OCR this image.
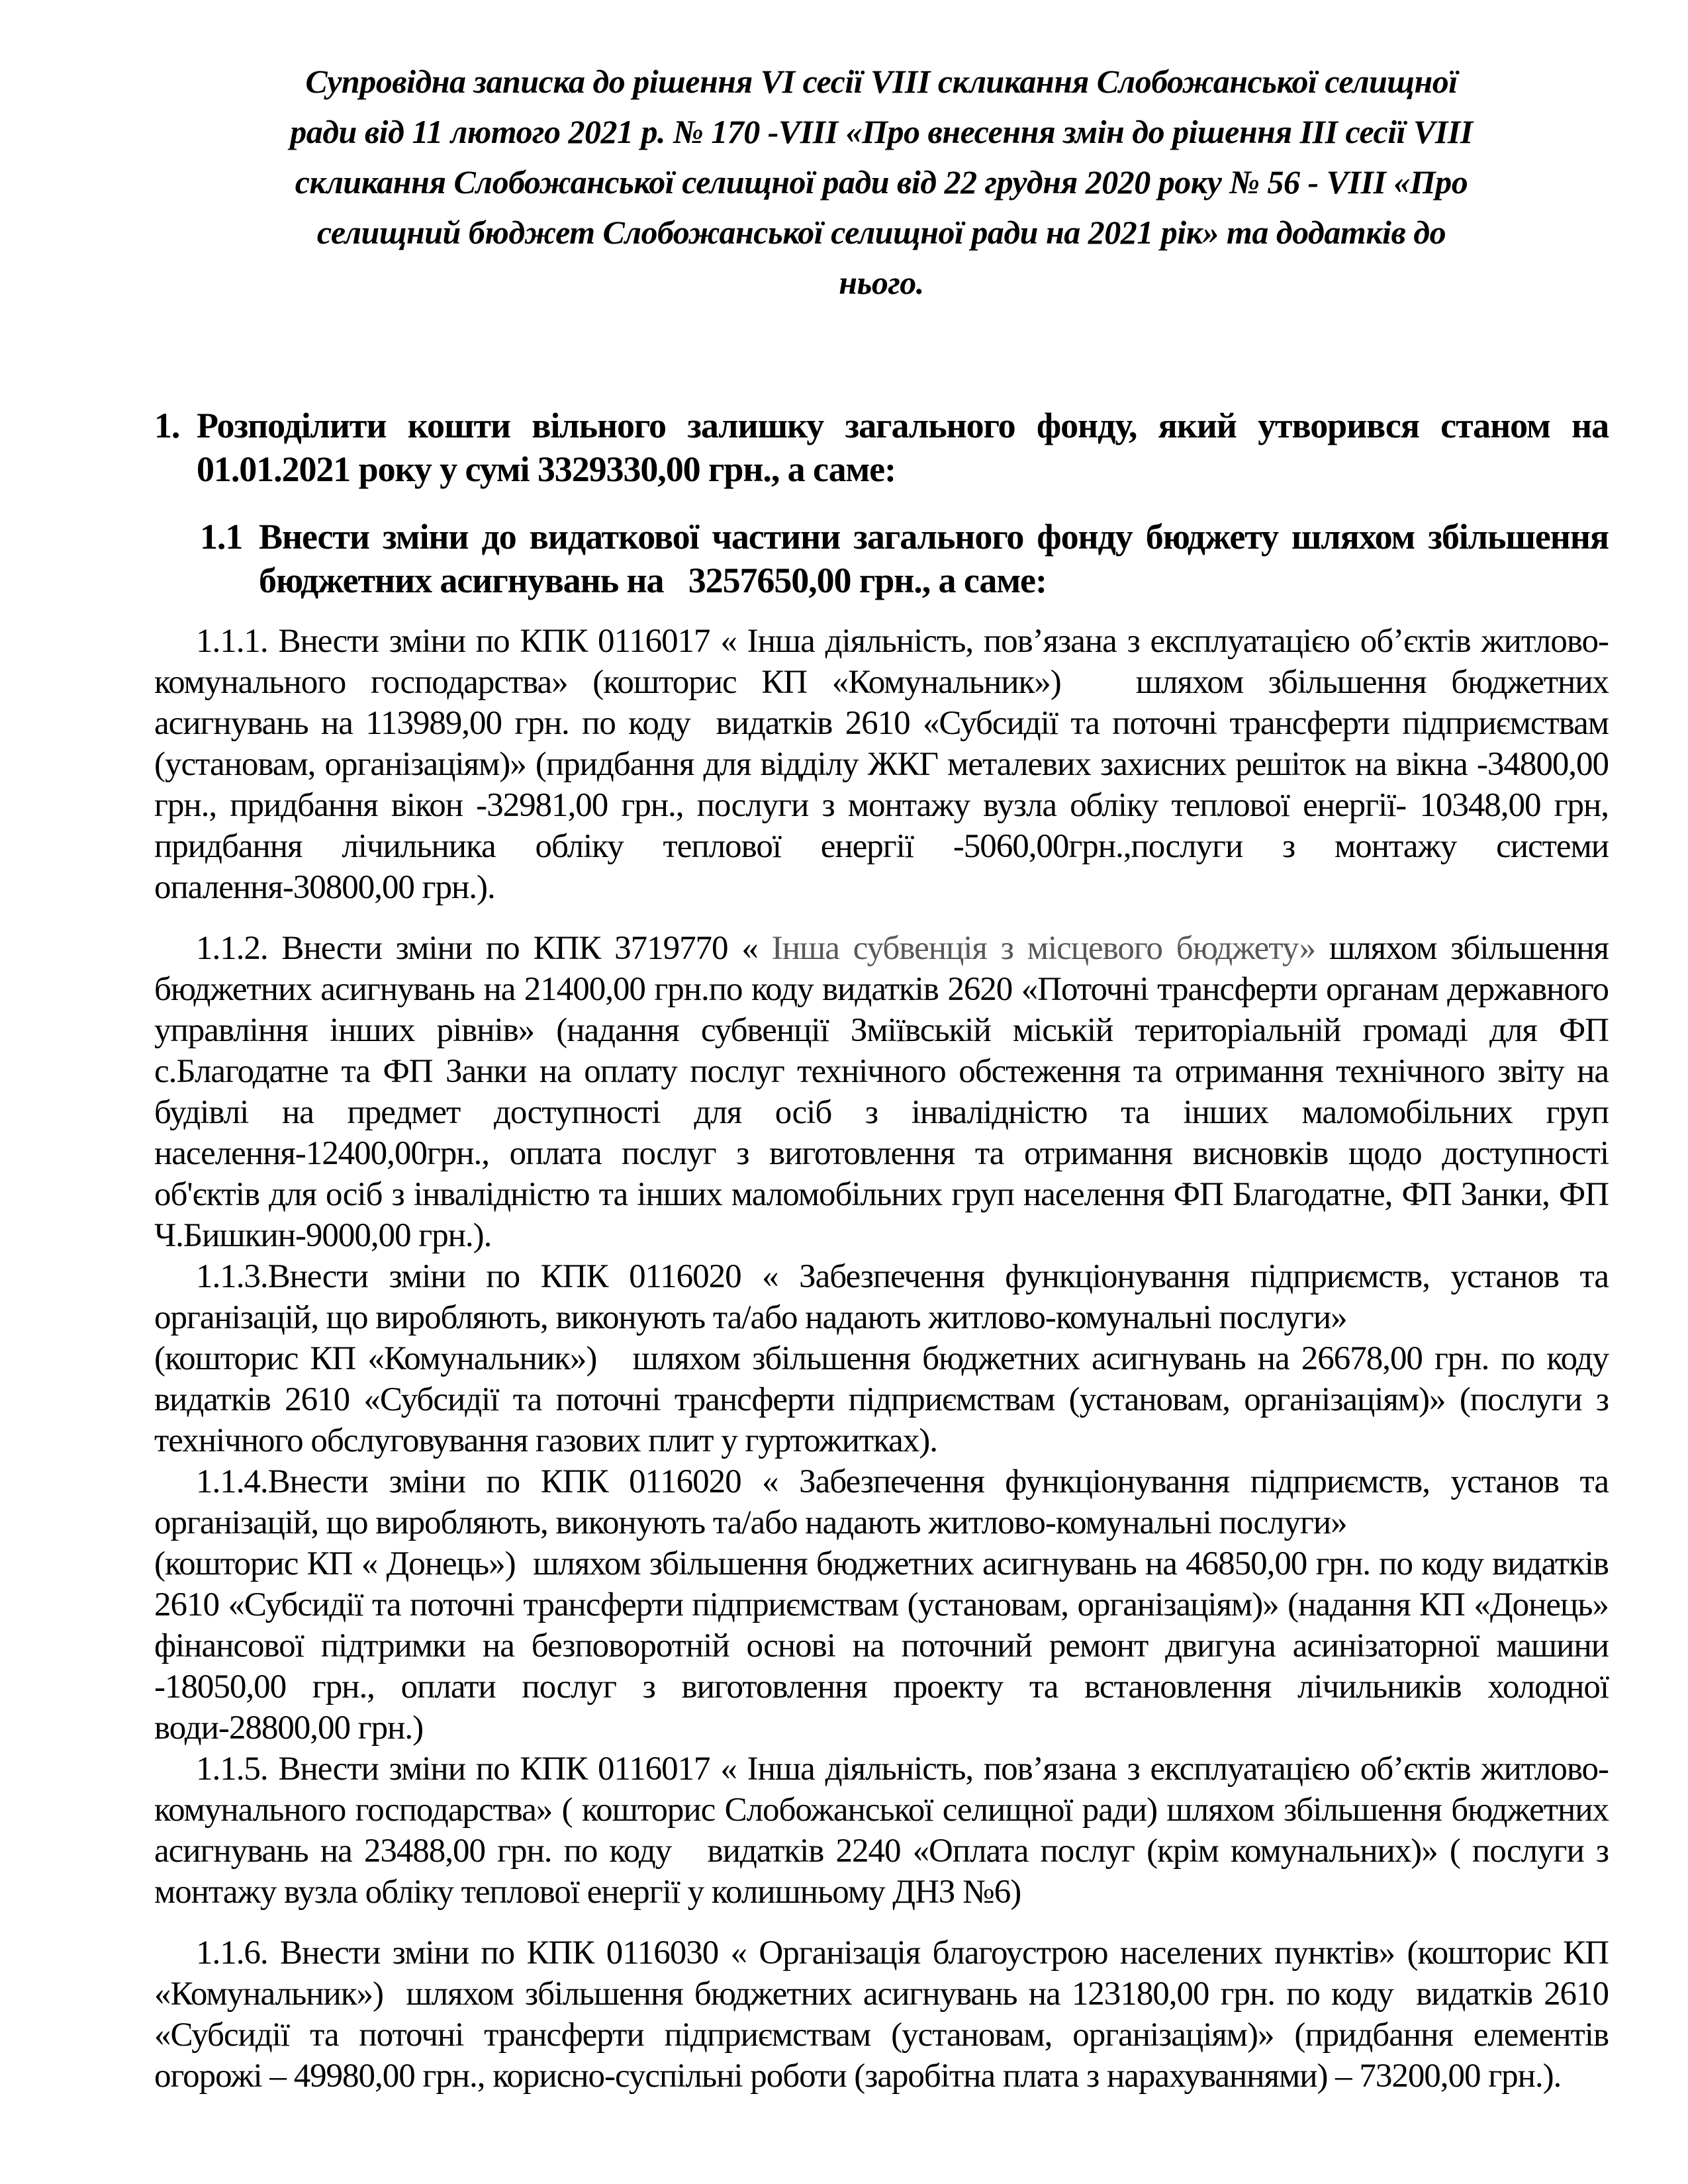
Супровідна записка до рішення VI сесії VIII скликання Слобожанської селищної
ради від 11 лютого 2021 р. № 170 -VIII «Про внесення змін до рішення III сесії VIII
скликання Слобожанської селищної ради від 22 грудня 2020 року № 56 - VIII «Про
селищний бюджет Слобожанської селищної ради на 2021 рік» та додатків до
нього.
1. Розподілити кошти вільного залишку загального фонду, який утворився станом на 01.01.2021 року у сумі 3329330,00 грн., а саме:
1.1 Внести зміни до видаткової частини загального фонду бюджету шляхом збільшення бюджетних асигнувань на   3257650,00 грн., а саме:

1.1.1. Внести зміни по КПК 0116017 « Інша діяльність, пов’язана з експлуатацією об’єктів житлово-комунального господарства» (кошторис КП «Комунальник»)   шляхом збільшення бюджетних асигнувань на 113989,00 грн. по коду  видатків 2610 «Субсидії та поточні трансферти підприємствам (установам, організаціям)» (придбання для відділу ЖКГ металевих захисних решіток на вікна -34800,00 грн., придбання вікон -32981,00 грн., послуги з монтажу вузла обліку теплової енергії- 10348,00 грн, придбання лічильника обліку теплової енергії -5060,00грн.,послуги з монтажу системи опалення-30800,00 грн.).

1.1.2. Внести зміни по КПК 3719770 « Інша субвенція з місцевого бюджету» шляхом збільшення бюджетних асигнувань на 21400,00 грн.по коду видатків 2620 «Поточні трансферти органам державного управління інших рівнів» (надання субвенції Зміївській міській територіальній громаді для ФП с.Благодатне та ФП Занки на оплату послуг технічного обстеження та отримання технічного звіту на будівлі на предмет доступності для осіб з інвалідністю та інших маломобільних груп населення-12400,00грн., оплата послуг з виготовлення та отримання висновків щодо доступності об'єктів для осіб з інвалідністю та інших маломобільних груп населення ФП Благодатне, ФП Занки, ФП Ч.Бишкин-9000,00 грн.).

1.1.3.Внести зміни по КПК 0116020 « Забезпечення функціонування підприємств, установ та організацій, що виробляють, виконують та/або надають житлово-комунальні послуги»
(кошторис КП «Комунальник»)   шляхом збільшення бюджетних асигнувань на 26678,00 грн. по коду видатків 2610 «Субсидії та поточні трансферти підприємствам (установам, організаціям)» (послуги з технічного обслуговування газових плит у гуртожитках).

1.1.4.Внести зміни по КПК 0116020 « Забезпечення функціонування підприємств, установ та організацій, що виробляють, виконують та/або надають житлово-комунальні послуги»
(кошторис КП « Донець»)  шляхом збільшення бюджетних асигнувань на 46850,00 грн. по коду видатків 2610 «Субсидії та поточні трансферти підприємствам (установам, організаціям)» (надання КП «Донець» фінансової підтримки на безповоротній основі на поточний ремонт двигуна асинізаторної машини -18050,00 грн., оплати послуг з виготовлення проекту та встановлення лічильників холодної води-28800,00 грн.)

1.1.5. Внести зміни по КПК 0116017 « Інша діяльність, пов’язана з експлуатацією об’єктів житлово-комунального господарства» ( кошторис Слобожанської селищної ради) шляхом збільшення бюджетних асигнувань на 23488,00 грн. по коду   видатків 2240 «Оплата послуг (крім комунальних)» ( послуги з монтажу вузла обліку теплової енергії у колишньому ДНЗ №6)

1.1.6. Внести зміни по КПК 0116030 « Організація благоустрою населених пунктів» (кошторис КП «Комунальник»)  шляхом збільшення бюджетних асигнувань на 123180,00 грн. по коду  видатків 2610 «Субсидії та поточні трансферти підприємствам (установам, організаціям)» (придбання елементів огорожі – 49980,00 грн., корисно-суспільні роботи (заробітна плата з нарахуваннями) – 73200,00 грн.).
